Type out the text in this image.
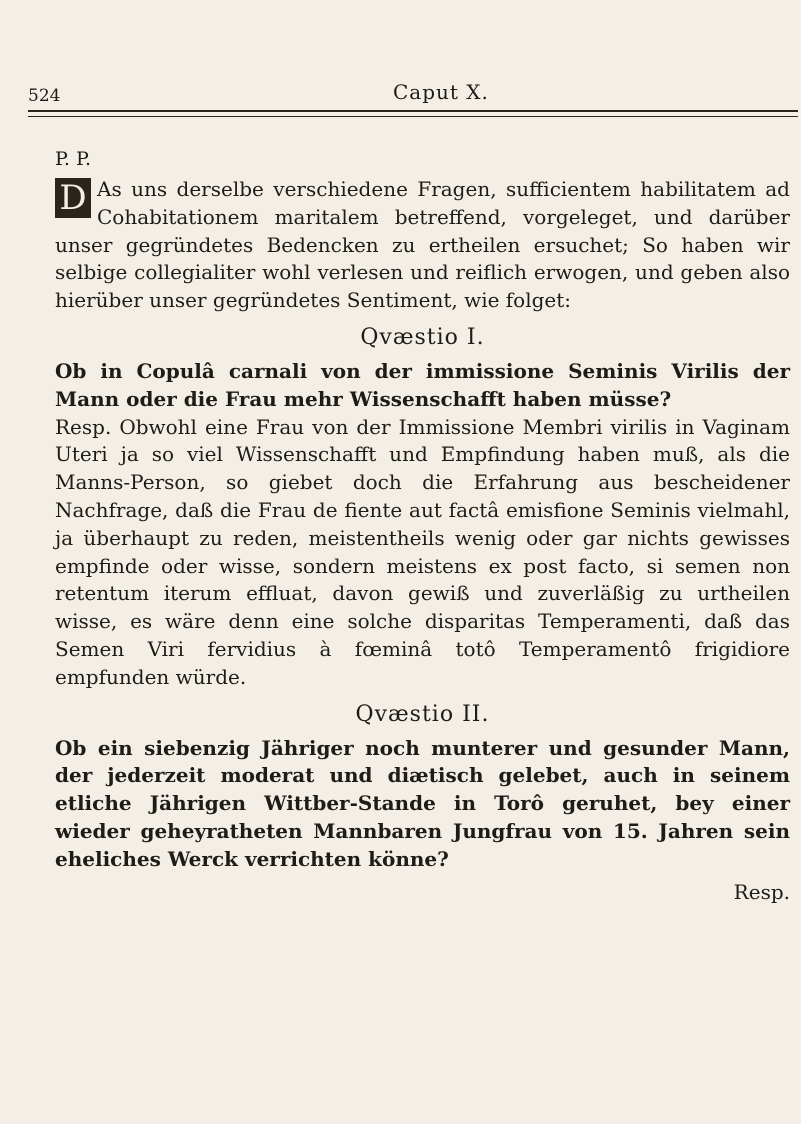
524	Caput X.
P. P.
D As uns derselbe verschiedene Fragen, sufficientem habilitatem ad Cohabitationem maritalem betreffend, vorgeleget, und darüber unser gegründetes Bedencken zu ertheilen ersuchet; So haben wir selbige collegialiter wohl verlesen und reiflich erwogen, und geben also hierüber unser gegründetes Sentiment, wie folget:

Qvæstio I.

Ob in Copulâ carnali von der immissione Seminis Virilis der Mann oder die Frau mehr Wissenschafft haben müsse?

Resp. Obwohl eine Frau von der Immissione Membri virilis in Vaginam Uteri ja so viel Wissenschafft und Empfindung haben muß, als die Manns-Person, so giebet doch die Erfahrung aus bescheidener Nachfrage, daß die Frau de fiente aut factâ emisfione Seminis vielmahl, ja überhaupt zu reden, meistentheils wenig oder gar nichts gewisses empfinde oder wisse, sondern meistens ex post facto, si semen non retentum iterum effluat, davon gewiß und zuverläßig zu urtheilen wisse, es wäre denn eine solche disparitas Temperamenti, daß das Semen Viri fervidius à fœminâ totô Temperamentô frigidiore empfunden würde.

Qvæstio II.

Ob ein siebenzig Jähriger noch munterer und gesunder Mann, der jederzeit moderat und diætisch gelebet, auch in seinem etliche Jährigen Wittber-Stande in Torô geruhet, bey einer wieder geheyratheten Mannbaren Jungfrau von 15. Jahren sein eheliches Werck verrichten könne?

Resp.
